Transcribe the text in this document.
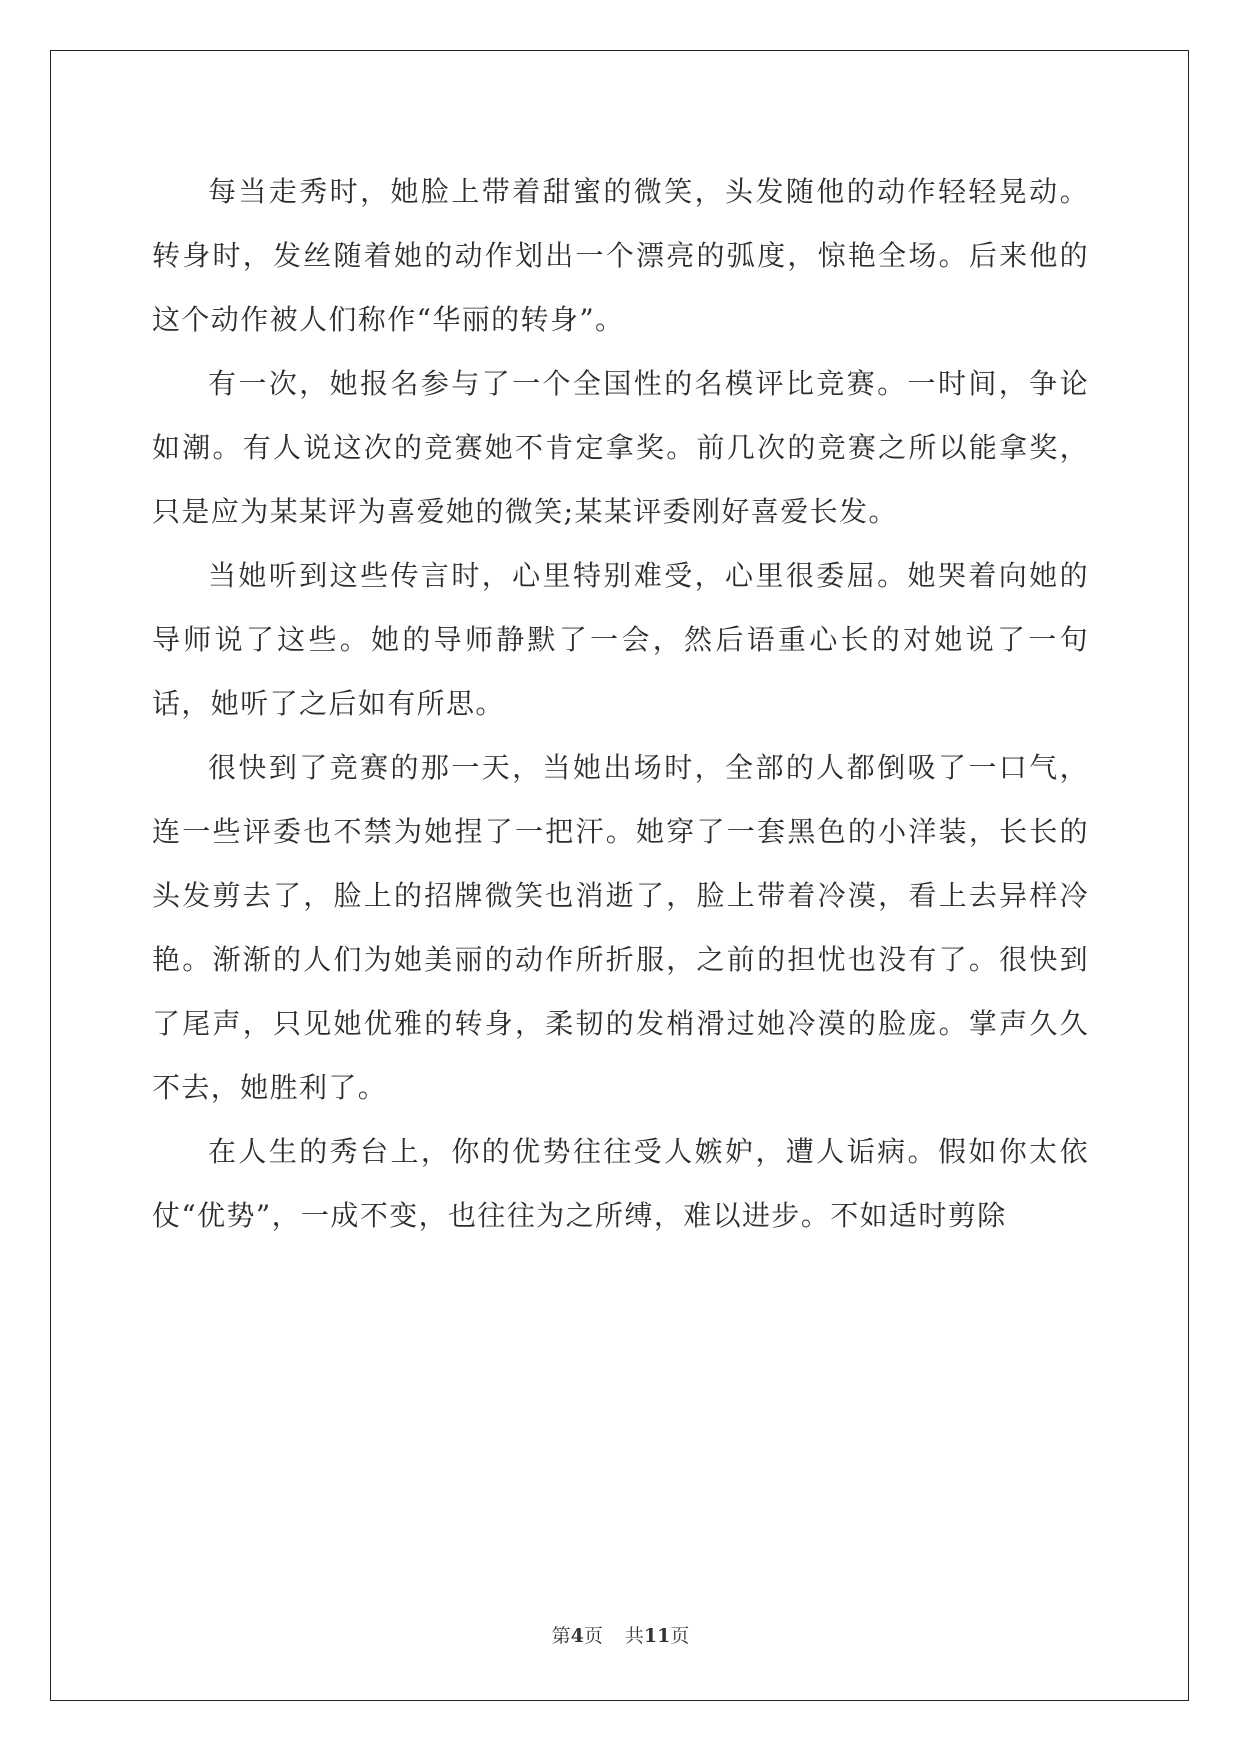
每当走秀时，她脸上带着甜蜜的微笑，头发随他的动作轻轻晃动。转身时，发丝随着她的动作划出一个漂亮的弧度，惊艳全场。后来他的这个动作被人们称作“华丽的转身”。

有一次，她报名参与了一个全国性的名模评比竞赛。一时间，争论如潮。有人说这次的竞赛她不肯定拿奖。前几次的竞赛之所以能拿奖，只是应为某某评为喜爱她的微笑;某某评委刚好喜爱长发。

当她听到这些传言时，心里特别难受，心里很委屈。她哭着向她的导师说了这些。她的导师静默了一会，然后语重心长的对她说了一句话，她听了之后如有所思。

很快到了竞赛的那一天，当她出场时，全部的人都倒吸了一口气，连一些评委也不禁为她捏了一把汗。她穿了一套黑色的小洋装，长长的头发剪去了，脸上的招牌微笑也消逝了，脸上带着冷漠，看上去异样冷艳。渐渐的人们为她美丽的动作所折服，之前的担忧也没有了。很快到了尾声，只见她优雅的转身，柔韧的发梢滑过她冷漠的脸庞。掌声久久不去，她胜利了。

在人生的秀台上，你的优势往往受人嫉妒，遭人诟病。假如你太依仗“优势”，一成不变，也往往为之所缚，难以进步。不如适时剪除

第4页 共11页
